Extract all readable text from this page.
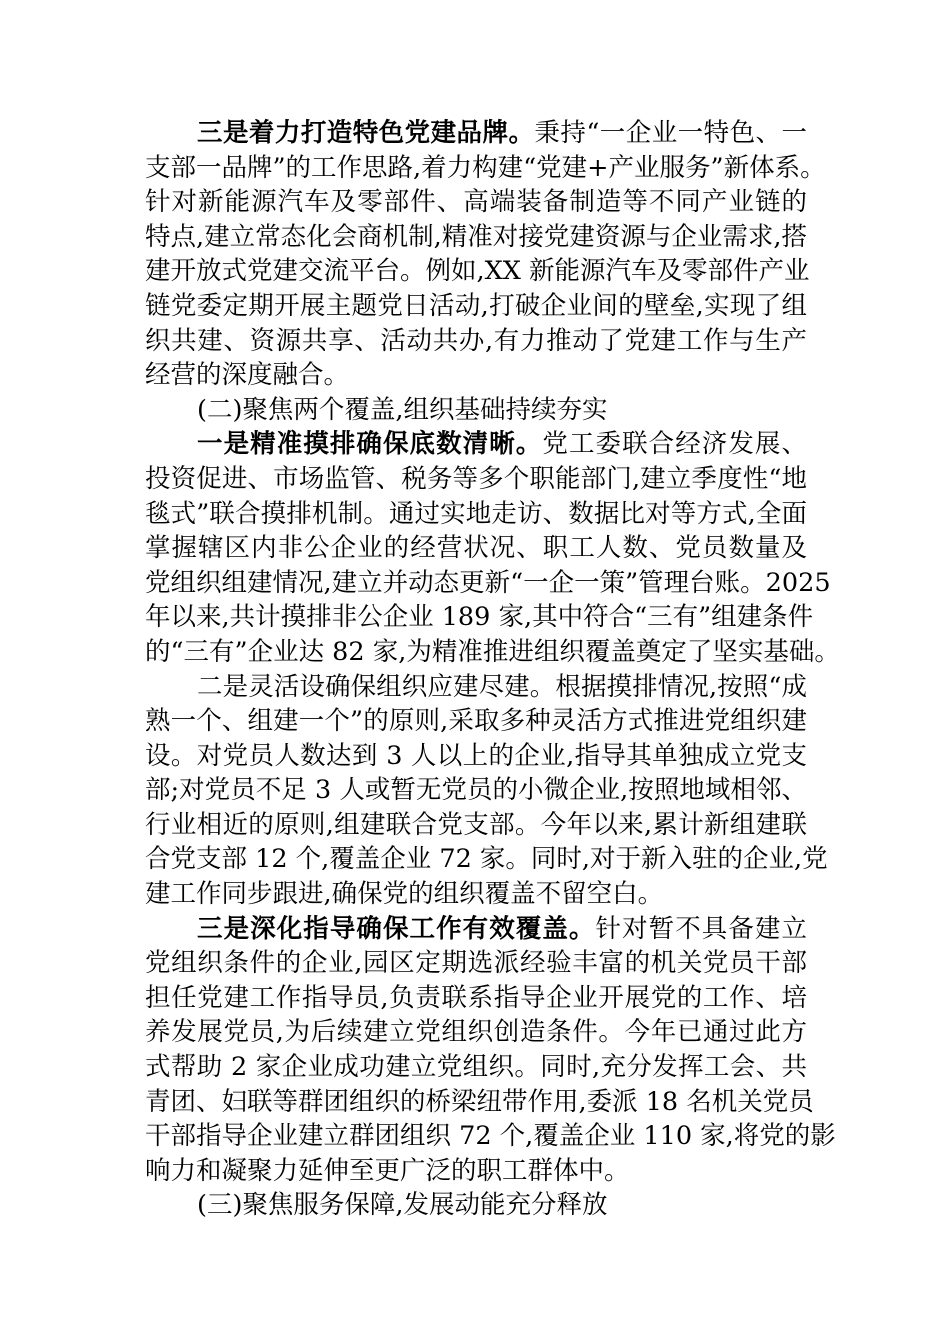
三是着力打造特色党建品牌。秉持“一企业一特色、一
支部一品牌”的工作思路,着力构建“党建+产业服务”新体系。
针对新能源汽车及零部件、高端装备制造等不同产业链的
特点,建立常态化会商机制,精准对接党建资源与企业需求,搭
建开放式党建交流平台。例如,XX 新能源汽车及零部件产业
链党委定期开展主题党日活动,打破企业间的壁垒,实现了组
织共建、资源共享、活动共办,有力推动了党建工作与生产
经营的深度融合。
(二)聚焦两个覆盖,组织基础持续夯实
一是精准摸排确保底数清晰。党工委联合经济发展、
投资促进、市场监管、税务等多个职能部门,建立季度性“地
毯式”联合摸排机制。通过实地走访、数据比对等方式,全面
掌握辖区内非公企业的经营状况、职工人数、党员数量及
党组织组建情况,建立并动态更新“一企一策”管理台账。2025
年以来,共计摸排非公企业 189 家,其中符合“三有”组建条件
的“三有”企业达 82 家,为精准推进组织覆盖奠定了坚实基础。
二是灵活设确保组织应建尽建。根据摸排情况,按照“成
熟一个、组建一个”的原则,采取多种灵活方式推进党组织建
设。对党员人数达到 3 人以上的企业,指导其单独成立党支
部;对党员不足 3 人或暂无党员的小微企业,按照地域相邻、
行业相近的原则,组建联合党支部。今年以来,累计新组建联
合党支部 12 个,覆盖企业 72 家。同时,对于新入驻的企业,党
建工作同步跟进,确保党的组织覆盖不留空白。
三是深化指导确保工作有效覆盖。针对暂不具备建立
党组织条件的企业,园区定期选派经验丰富的机关党员干部
担任党建工作指导员,负责联系指导企业开展党的工作、培
养发展党员,为后续建立党组织创造条件。今年已通过此方
式帮助 2 家企业成功建立党组织。同时,充分发挥工会、共
青团、妇联等群团组织的桥梁纽带作用,委派 18 名机关党员
干部指导企业建立群团组织 72 个,覆盖企业 110 家,将党的影
响力和凝聚力延伸至更广泛的职工群体中。
(三)聚焦服务保障,发展动能充分释放
